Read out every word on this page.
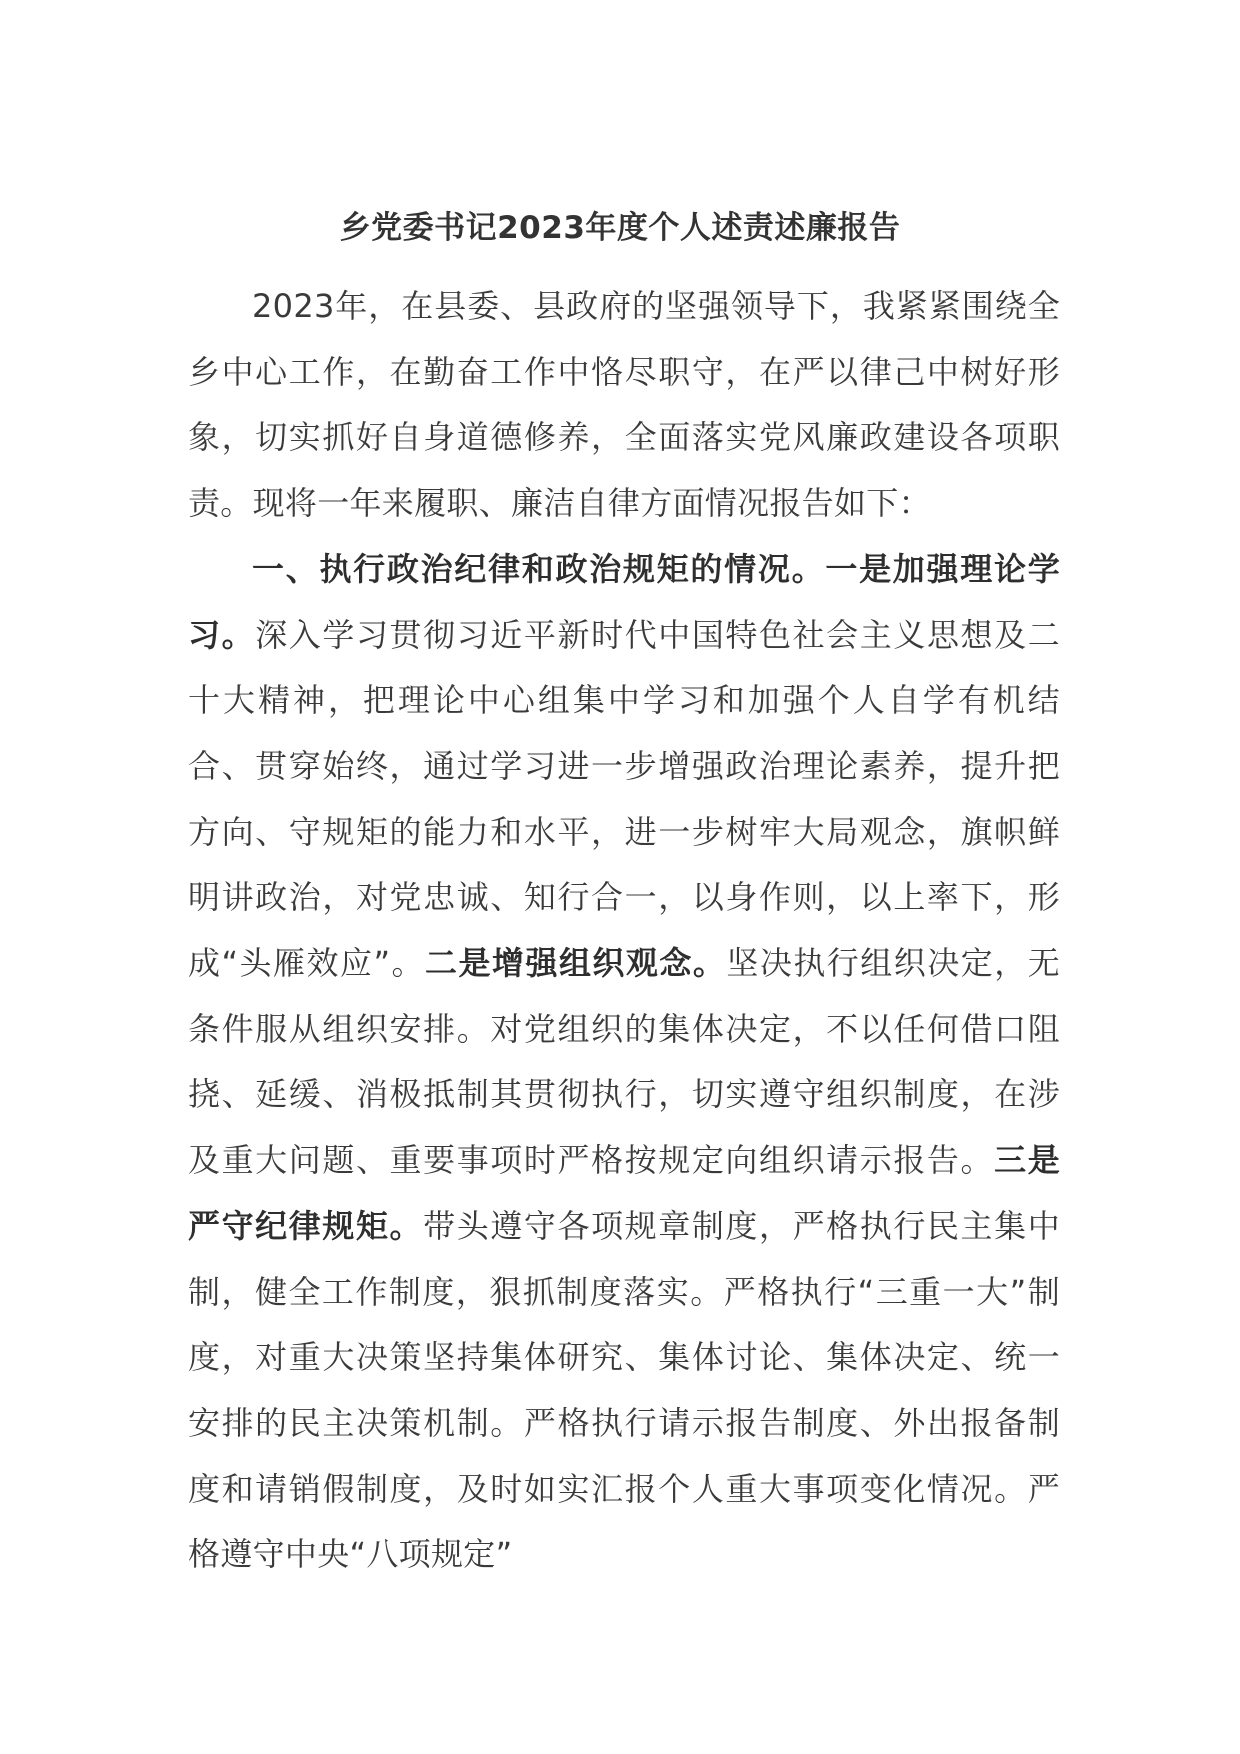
乡党委书记2023年度个人述责述廉报告

2023年，在县委、县政府的坚强领导下，我紧紧围绕全乡中心工作，在勤奋工作中恪尽职守，在严以律己中树好形象，切实抓好自身道德修养，全面落实党风廉政建设各项职责。现将一年来履职、廉洁自律方面情况报告如下：

一、执行政治纪律和政治规矩的情况。一是加强理论学习。深入学习贯彻习近平新时代中国特色社会主义思想及二十大精神，把理论中心组集中学习和加强个人自学有机结合、贯穿始终，通过学习进一步增强政治理论素养，提升把方向、守规矩的能力和水平，进一步树牢大局观念，旗帜鲜明讲政治，对党忠诚、知行合一，以身作则，以上率下，形成“头雁效应”。二是增强组织观念。坚决执行组织决定，无条件服从组织安排。对党组织的集体决定，不以任何借口阻挠、延缓、消极抵制其贯彻执行，切实遵守组织制度，在涉及重大问题、重要事项时严格按规定向组织请示报告。三是严守纪律规矩。带头遵守各项规章制度，严格执行民主集中制，健全工作制度，狠抓制度落实。严格执行“三重一大”制度，对重大决策坚持集体研究、集体讨论、集体决定、统一安排的民主决策机制。严格执行请示报告制度、外出报备制度和请销假制度，及时如实汇报个人重大事项变化情况。严格遵守中央“八项规定”
